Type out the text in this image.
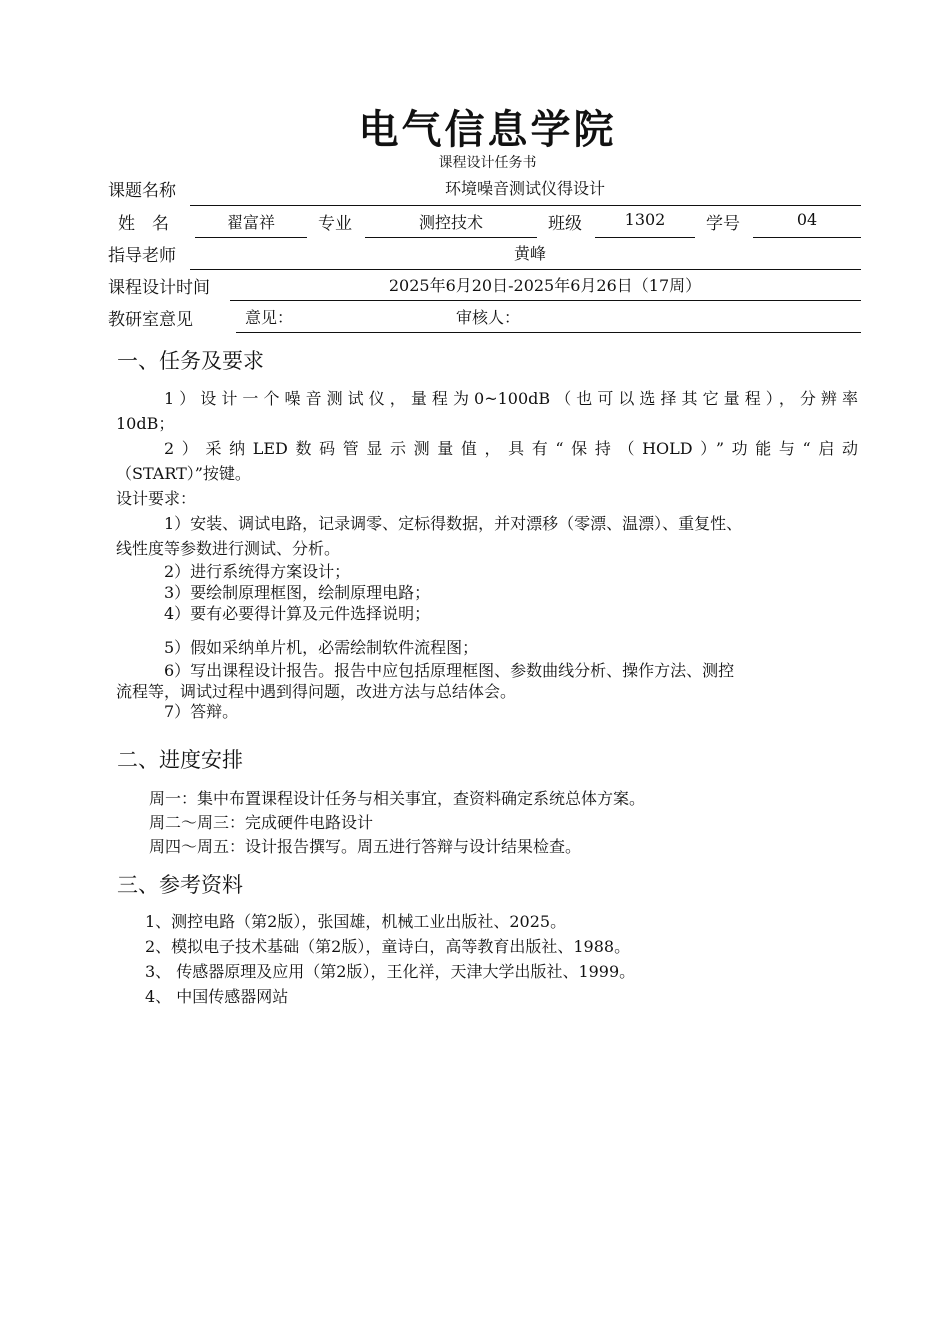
电气信息学院
课程设计任务书
课题名称	环境噪音测试仪得设计
姓　名	翟富祥	专业	测控技术	班级	1302	学号	04
指导老师	黄峰
课程设计时间	2025年6月20日-2025年6月26日（17周）
教研室意见	意见：	审核人：
一、任务及要求
1）设计一个噪音测试仪，量程为0~100dB（也可以选择其它量程），分辨率
10dB；
2）采纳LED数码管显示测量值，具有“保持（HOLD）”功能与“启动
（START）”按键。
设计要求：
1）安装、调试电路，记录调零、定标得数据，并对漂移（零漂、温漂）、重复性、
线性度等参数进行测试、分析。
2）进行系统得方案设计；
3）要绘制原理框图，绘制原理电路；
4）要有必要得计算及元件选择说明；
5）假如采纳单片机，必需绘制软件流程图；
6）写出课程设计报告。报告中应包括原理框图、参数曲线分析、操作方法、测控
流程等，调试过程中遇到得问题，改进方法与总结体会。
7）答辩。
二、进度安排
周一：集中布置课程设计任务与相关事宜，查资料确定系统总体方案。
周二～周三：完成硬件电路设计
周四～周五：设计报告撰写。周五进行答辩与设计结果检查。
三、参考资料
1、测控电路（第2版），张国雄，机械工业出版社、2025。
2、模拟电子技术基础（第2版），童诗白，高等教育出版社、1988。
3、 传感器原理及应用（第2版），王化祥，天津大学出版社、1999。
4、 中国传感器网站
